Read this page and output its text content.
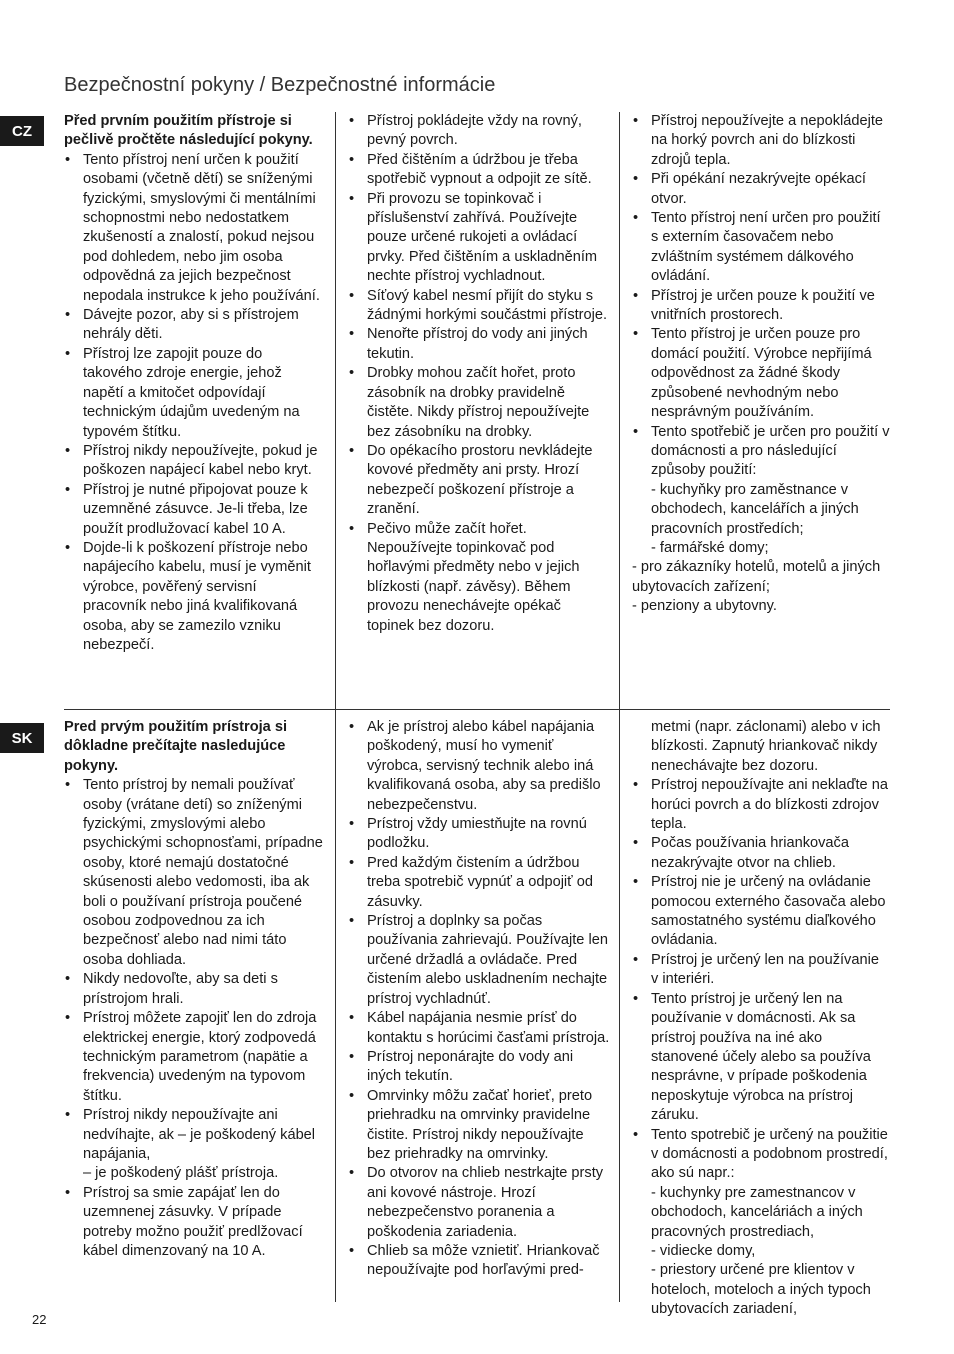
Bezpečnostní pokyny / Bezpečnostné informácie
CZ

Před prvním použitím přístroje si pečlivě pročtěte následující pokyny.

• Tento přístroj není určen k použití osobami (včetně dětí) se sníženými fyzickými, smyslovými či mentálními schopnostmi nebo nedostatkem zkušeností a znalostí, pokud nejsou pod dohledem, nebo jim osoba odpovědná za jejich bezpečnost nepodala instrukce k jeho používání.
• Dávejte pozor, aby si s přístrojem nehrály děti.
• Přístroj lze zapojit pouze do takového zdroje energie, jehož napětí a kmitočet odpovídají technickým údajům uvedeným na typovém štítku.
• Přístroj nikdy nepoužívejte, pokud je poškozen napájecí kabel nebo kryt.
• Přístroj je nutné připojovat pouze k uzemněné zásuvce. Je-li třeba, lze použít prodlužovací kabel 10 A.
• Dojde-li k poškození přístroje nebo napájecího kabelu, musí je vyměnit výrobce, pověřený servisní pracovník nebo jiná kvalifikovaná osoba, aby se zamezilo vzniku nebezpečí.
• Přístroj pokládejte vždy na rovný, pevný povrch.
• Před čištěním a údržbou je třeba spotřebič vypnout a odpojit ze sítě.
• Při provozu se topinkovač i příslušenství zahřívá. Používejte pouze určené rukojeti a ovládací prvky. Před čištěním a uskladněním nechte přístroj vychladnout.
• Síťový kabel nesmí přijít do styku s žádnými horkými součástmi přístroje.
• Nenořte přístroj do vody ani jiných tekutin.
• Drobky mohou začít hořet, proto zásobník na drobky pravidelně čistěte. Nikdy přístroj nepoužívejte bez zásobníku na drobky.
• Do opékacího prostoru nevkládejte kovové předměty ani prsty. Hrozí nebezpečí poškození přístroje a zranění.
• Pečivo může začít hořet. Nepoužívejte topinkovač pod hořlavými předměty nebo v jejich blízkosti (např. závěsy). Během provozu nenechávejte opékač topinek bez dozoru.
• Přístroj nepoužívejte a nepokládejte na horký povrch ani do blízkosti zdrojů tepla.
• Při opékání nezakrývejte opékací otvor.
• Tento přístroj není určen pro použití s externím časovačem nebo zvláštním systémem dálkového ovládání.
• Přístroj je určen pouze k použití ve vnitřních prostorech.
• Tento přístroj je určen pouze pro domácí použití. Výrobce nepřijímá odpovědnost za žádné škody způsobené nevhodným nebo nesprávným používáním.
• Tento spotřebič je určen pro použití v domácnosti a pro následující způsoby použití:
- kuchyňky pro zaměstnance v obchodech, kancelářích a jiných pracovních prostředích;
- farmářské domy;
- pro zákazníky hotelů, motelů a jiných ubytovacích zařízení;
- penziony a ubytovny.
SK

Pred prvým použitím prístroja si dôkladne prečítajte nasledujúce pokyny.

• Tento prístroj by nemali používať osoby (vrátane detí) so zníženými fyzickými, zmyslovými alebo psychickými schopnosťami, prípadne osoby, ktoré nemajú dostatočné skúsenosti alebo vedomosti, iba ak boli o používaní prístroja poučené osobou zodpovednou za ich bezpečnosť alebo nad nimi táto osoba dohliada.
• Nikdy nedovoľte, aby sa deti s prístrojom hrali.
• Prístroj môžete zapojiť len do zdroja elektrickej energie, ktorý zodpovedá technickým parametrom (napätie a frekvencia) uvedeným na typovom štítku.
• Prístroj nikdy nepoužívajte ani nedvíhajte, ak – je poškodený kábel napájania,
– je poškodený plášť prístroja.
• Prístroj sa smie zapájať len do uzemnenej zásuvky. V prípade potreby možno použiť predlžovací kábel dimenzovaný na 10 A.
• Ak je prístroj alebo kábel napájania poškodený, musí ho vymeniť výrobca, servisný technik alebo iná kvalifikovaná osoba, aby sa predišlo nebezpečenstvu.
• Prístroj vždy umiestňujte na rovnú podložku.
• Pred každým čistením a údržbou treba spotrebič vypnúť a odpojiť od zásuvky.
• Prístroj a doplnky sa počas používania zahrievajú. Používajte len určené držadlá a ovládače. Pred čistením alebo uskladnením nechajte prístroj vychladnúť.
• Kábel napájania nesmie prísť do kontaktu s horúcimi časťami prístroja.
• Prístroj neponárajte do vody ani iných tekutín.
• Omrvinky môžu začať horieť, preto priehradku na omrvinky pravidelne čistite. Prístroj nikdy nepoužívajte bez priehradky na omrvinky.
• Do otvorov na chlieb nestrkajte prsty ani kovové nástroje. Hrozí nebezpečenstvo poranenia a poškodenia zariadenia.
• Chlieb sa môže vznietiť. Hriankovač nepoužívajte pod horľavými pred-
metmi (napr. záclonami) alebo v ich blízkosti. Zapnutý hriankovač nikdy nenechávajte bez dozoru.
• Prístroj nepoužívajte ani neklaďte na horúci povrch a do blízkosti zdrojov tepla.
• Počas používania hriankovača nezakrývajte otvor na chlieb.
• Prístroj nie je určený na ovládanie pomocou externého časovača alebo samostatného systému diaľkového ovládania.
• Prístroj je určený len na používanie v interiéri.
• Tento prístroj je určený len na používanie v domácnosti. Ak sa prístroj používa na iné ako stanovené účely alebo sa používa nesprávne, v prípade poškodenia neposkytuje výrobca na prístroj záruku.
• Tento spotrebič je určený na použitie v domácnosti a podobnom prostredí, ako sú napr.:
- kuchynky pre zamestnancov v obchodoch, kanceláriách a iných pracovných prostrediach,
- vidiecke domy,
- priestory určené pre klientov v hoteloch, moteloch a iných typoch ubytovacích zariadení,
22
